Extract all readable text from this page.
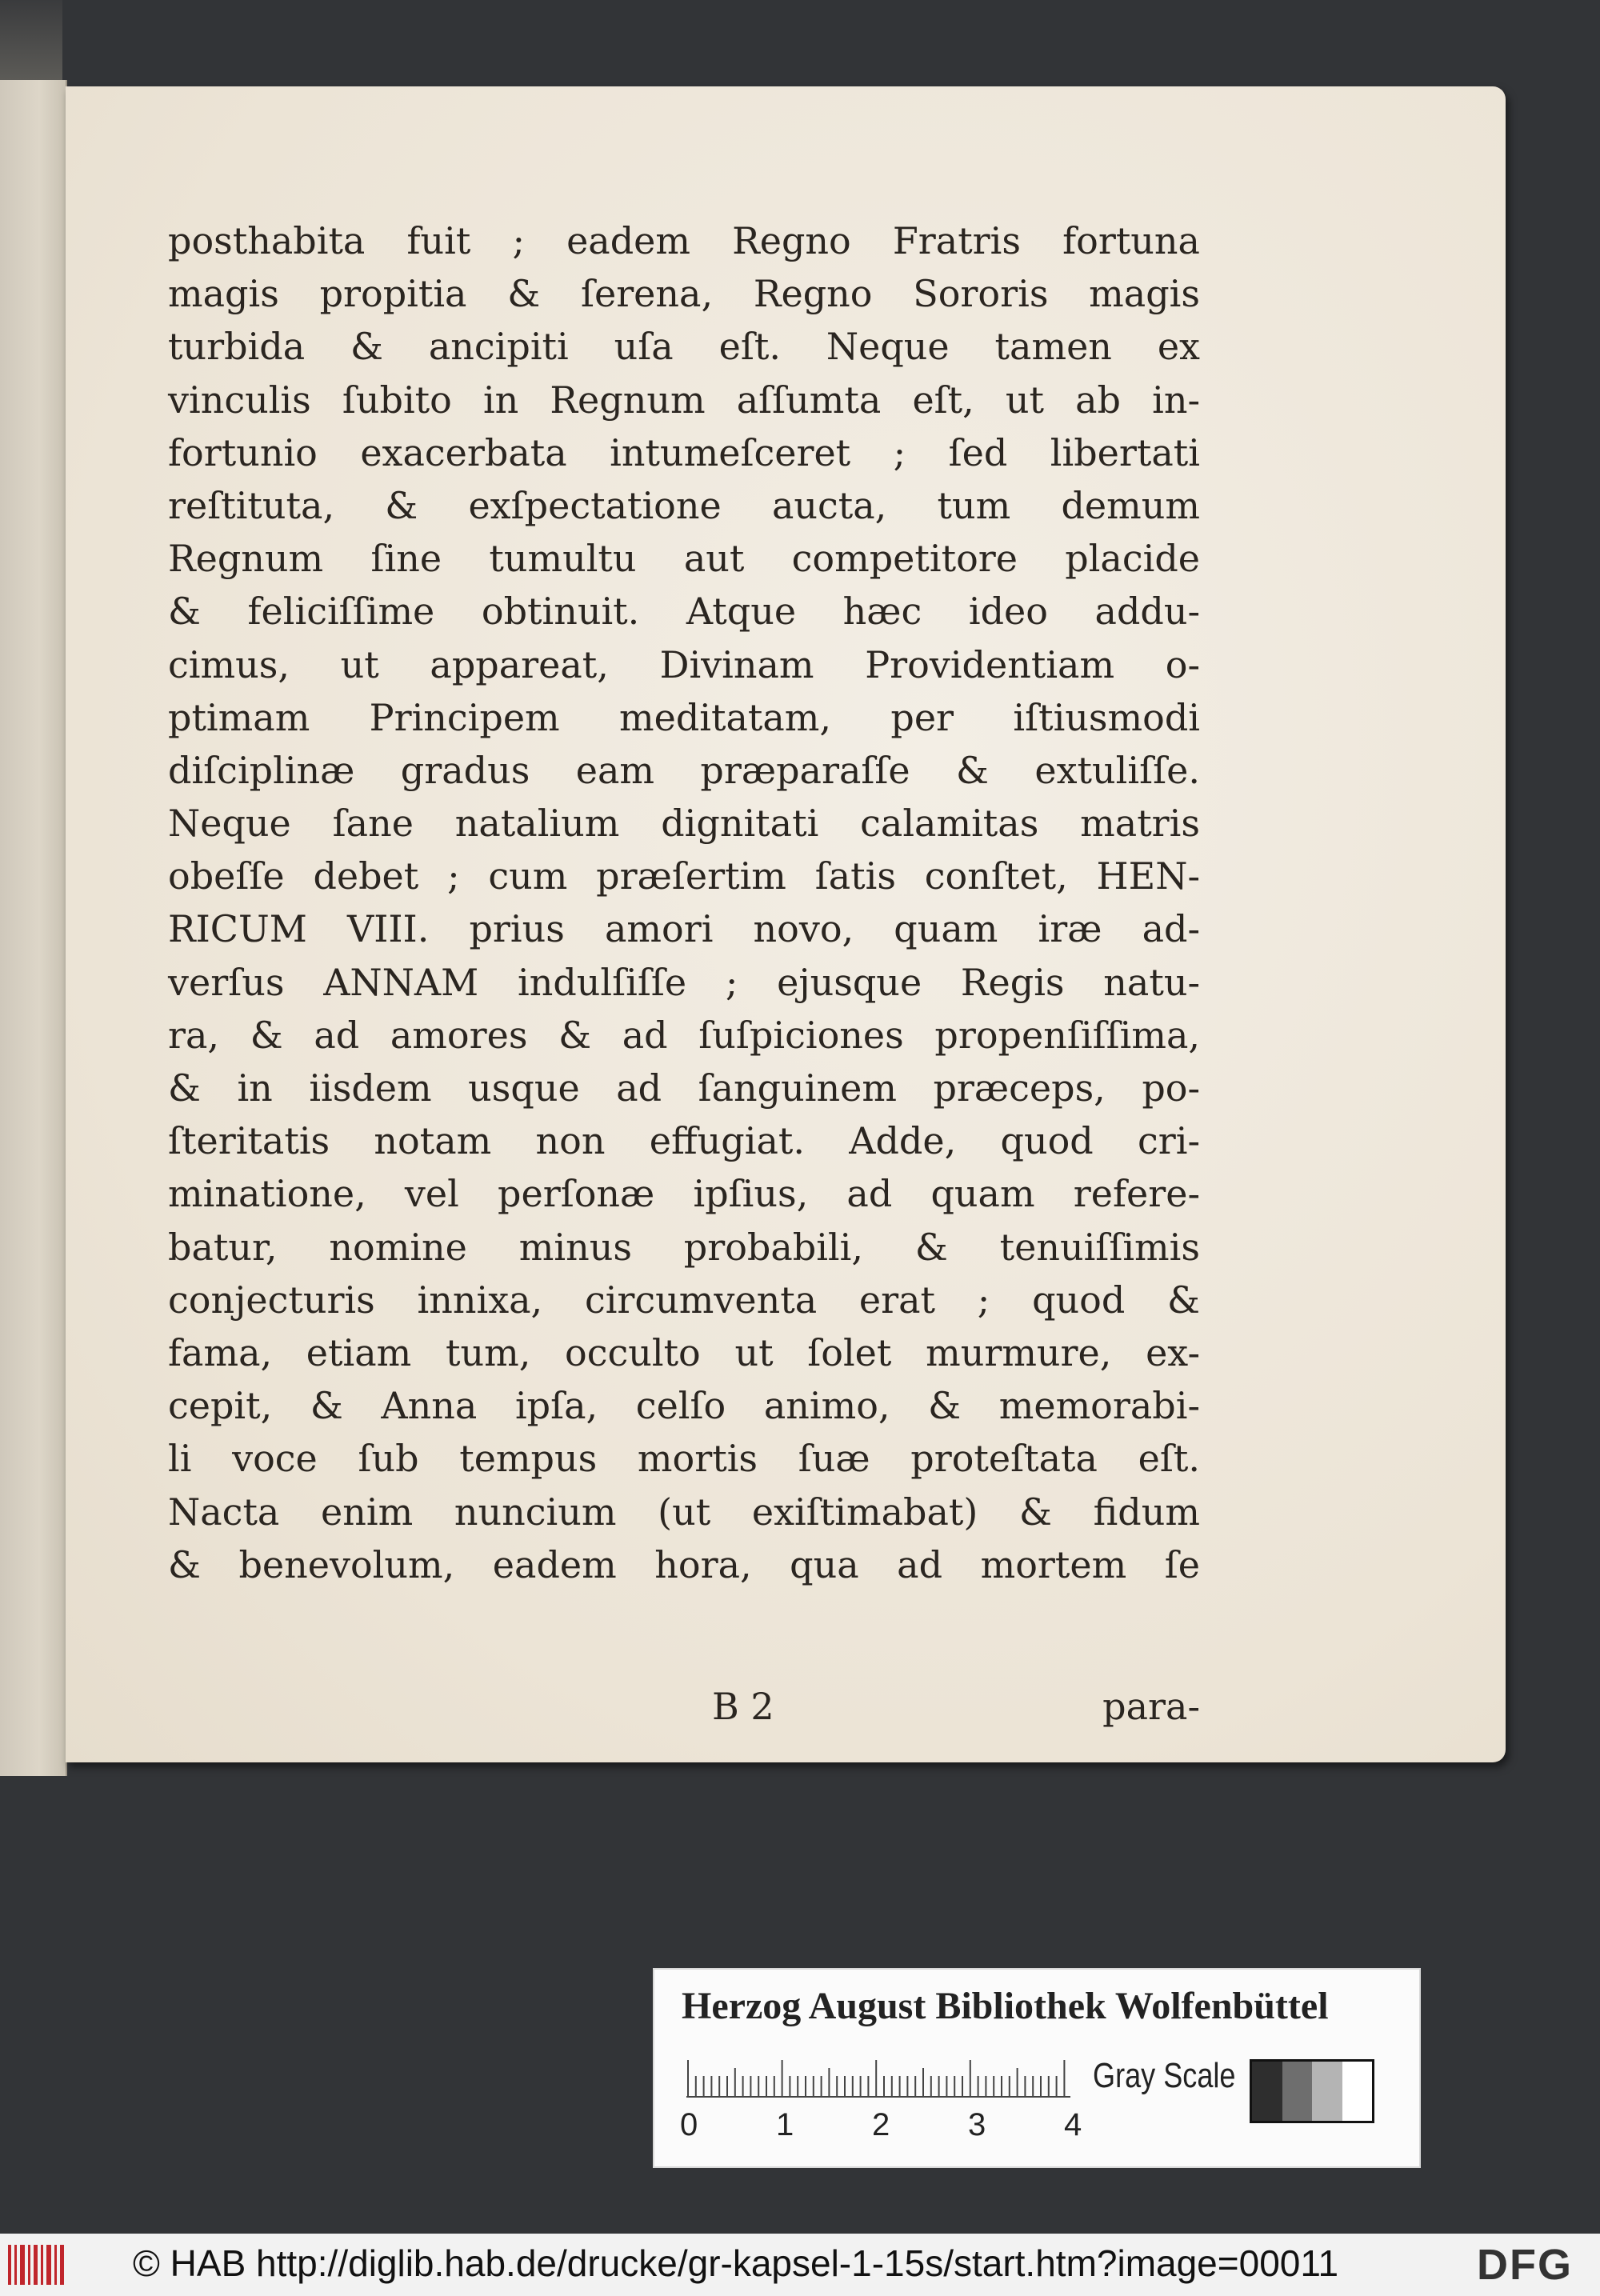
posthabita fuit ; eadem Regno Fratris fortuna
magis propitia & ſerena, Regno Sororis magis
turbida & ancipiti uſa eſt. Neque tamen ex
vinculis ſubito in Regnum aſſumta eſt, ut ab in-
fortunio exacerbata intumeſceret ; ſed libertati
reſtituta, & exſpectatione aucta, tum demum
Regnum ſine tumultu aut competitore placide
& feliciſſime obtinuit. Atque hæc ideo addu-
cimus, ut appareat, Divinam Providentiam o-
ptimam Principem meditatam, per iſtiusmodi
diſciplinæ gradus eam præparaſſe & extuliſſe.
Neque ſane natalium dignitati calamitas matris
obeſſe debet ; cum præſertim ſatis conſtet, HEN-
RICUM VIII. prius amori novo, quam iræ ad-
verſus ANNAM indulſiſſe ; ejusque Regis natu-
ra, & ad amores & ad ſuſpiciones propenſiſſima,
& in iisdem usque ad ſanguinem præceps, po-
ſteritatis notam non effugiat. Adde, quod cri-
minatione, vel perſonæ ipſius, ad quam refere-
batur, nomine minus probabili, & tenuiſſimis
conjecturis innixa, circumventa erat ; quod &
fama, etiam tum, occulto ut ſolet murmure, ex-
cepit, & Anna ipſa, celſo animo, & memorabi-
li voce ſub tempus mortis ſuæ proteſtata eſt.
Nacta enim nuncium (ut exiſtimabat) & fidum
& benevolum, eadem hora, qua ad mortem ſe
B 2	para-
Herzog August Bibliothek Wolfenbüttel
Gray Scale
0 1 2 3 4
© HAB http://diglib.hab.de/drucke/gr-kapsel-1-15s/start.htm?image=00011	DFG
